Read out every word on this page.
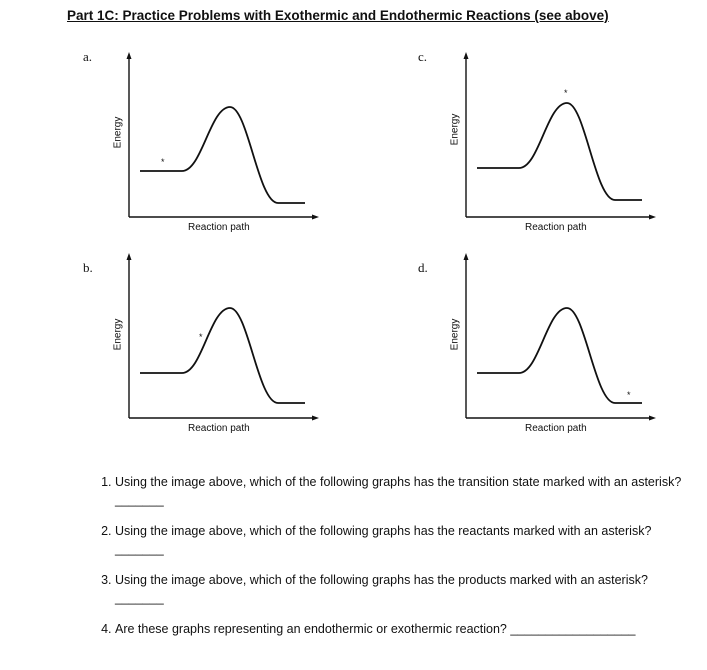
Part 1C: Practice Problems with Exothermic and Endothermic Reactions (see above)
a.
Energy
Reaction path
*
c.
Energy
Reaction path
*
b.
Energy
Reaction path
*
d.
Energy
Reaction path
*
1. Using the image above, which of the following graphs has the transition state marked with an asterisk? _______
2. Using the image above, which of the following graphs has the reactants marked with an asterisk?
_______
3. Using the image above, which of the following graphs has the products marked with an asterisk?
_______
4. Are these graphs representing an endothermic or exothermic reaction? __________________
